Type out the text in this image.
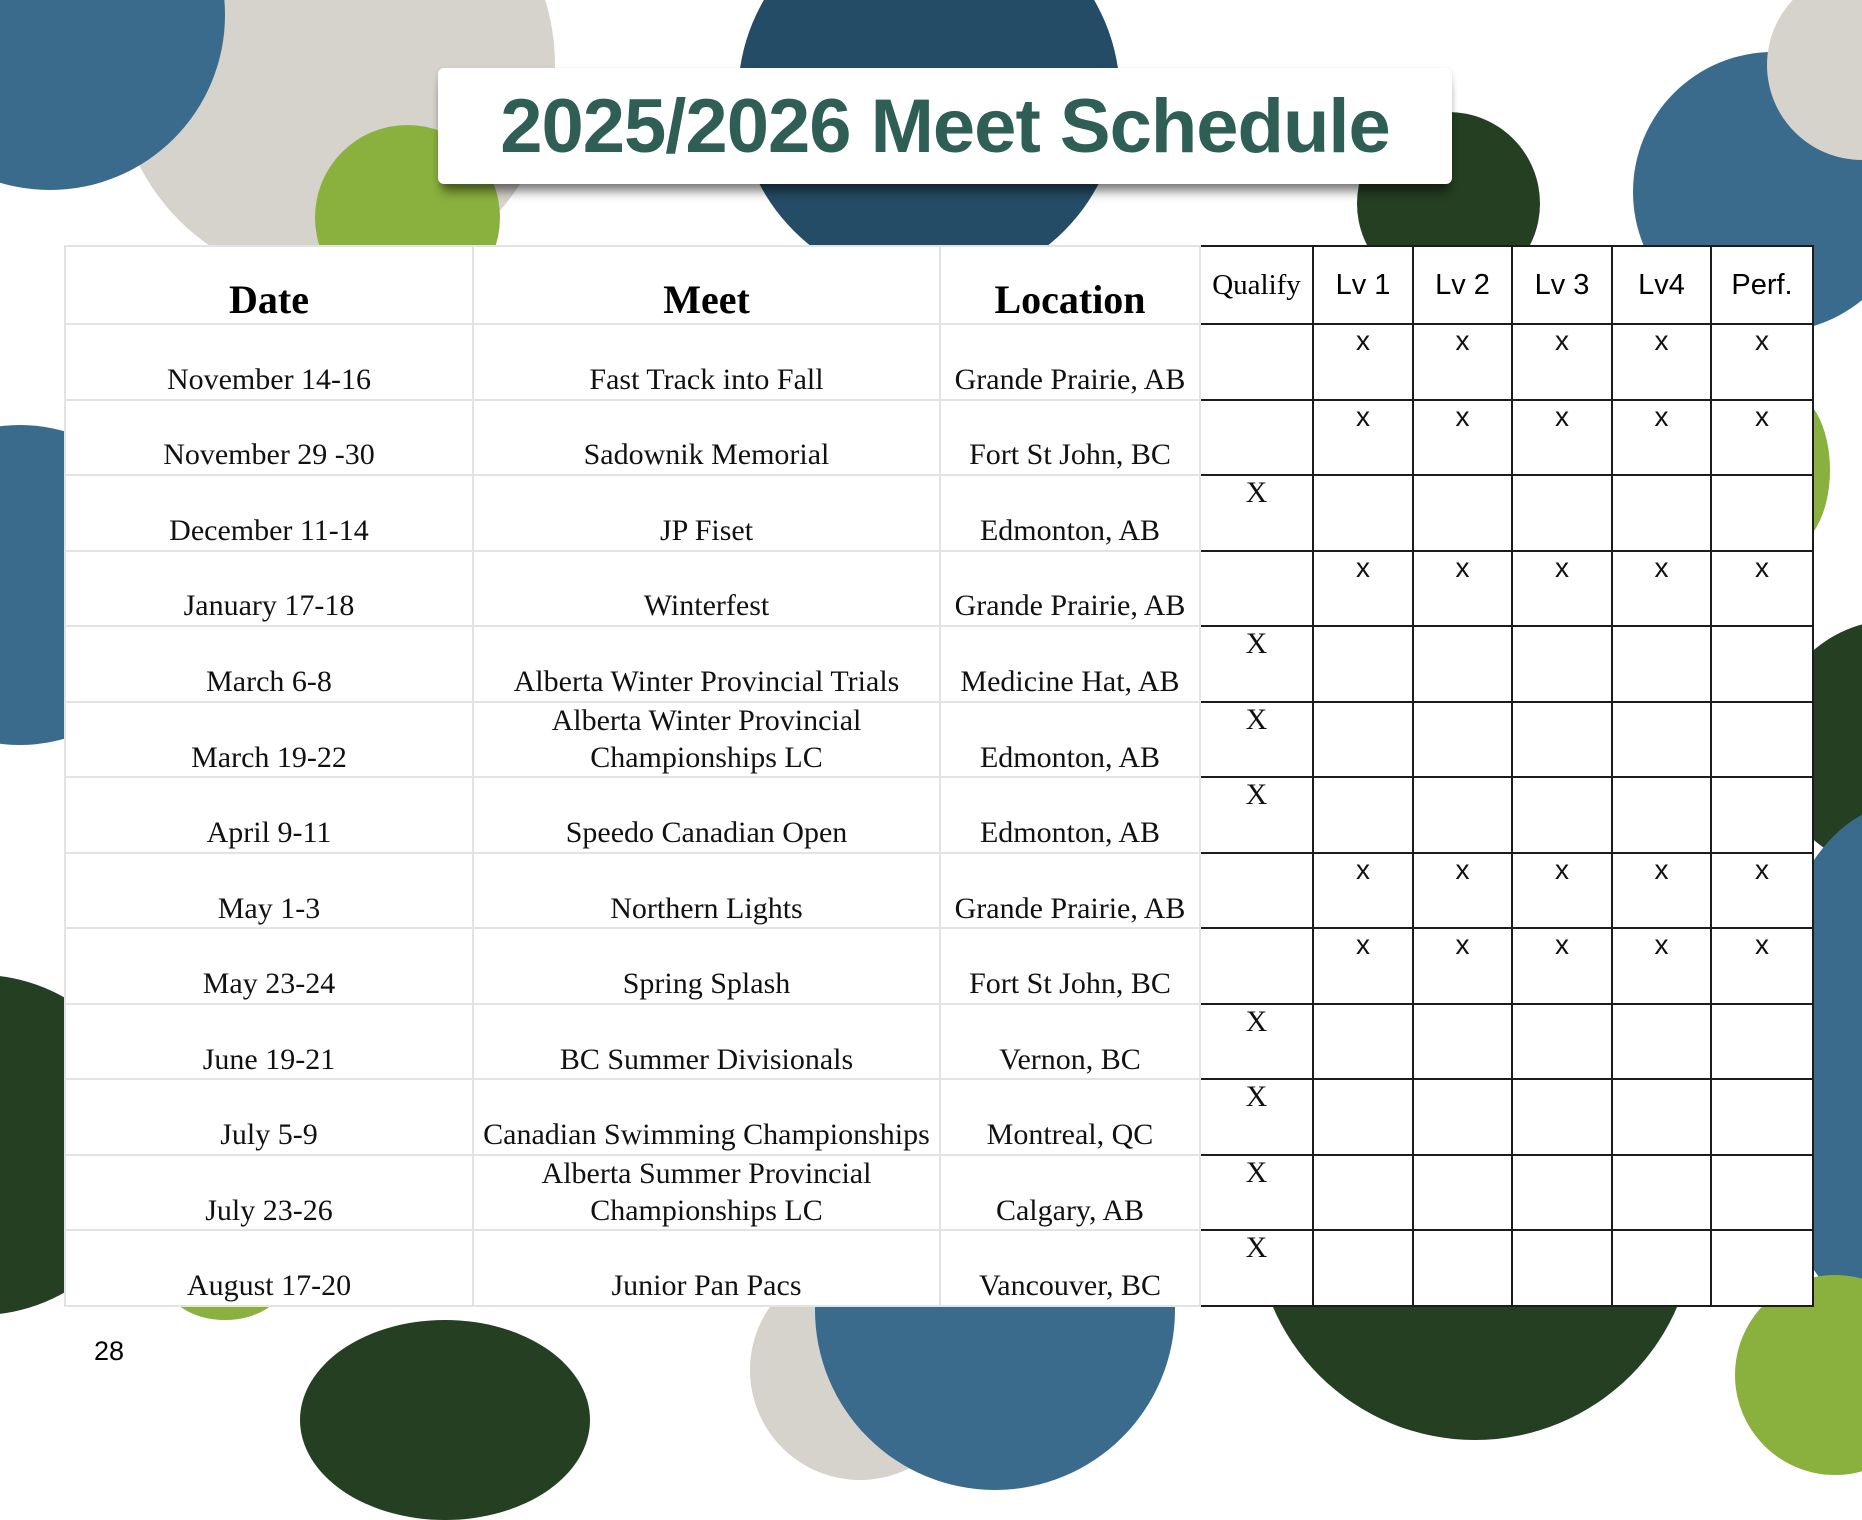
2025/2026 Meet Schedule
Date	Meet	Location	Qualify	Lv 1	Lv 2	Lv 3	Lv4	Perf.
November 14-16	Fast Track into Fall	Grande Prairie, AB		x	x	x	x	x
November 29 -30	Sadownik Memorial	Fort St John, BC		x	x	x	x	x
December 11-14	JP Fiset	Edmonton, AB	X					
January 17-18	Winterfest	Grande Prairie, AB		x	x	x	x	x
March 6-8	Alberta Winter Provincial Trials	Medicine Hat, AB	X					
March 19-22	Alberta Winter Provincial Championships LC	Edmonton, AB	X					
April 9-11	Speedo Canadian Open	Edmonton, AB	X					
May 1-3	Northern Lights	Grande Prairie, AB		x	x	x	x	x
May 23-24	Spring Splash	Fort St John, BC		x	x	x	x	x
June 19-21	BC Summer Divisionals	Vernon, BC	X					
July 5-9	Canadian Swimming Championships	Montreal, QC	X					
July 23-26	Alberta Summer Provincial Championships LC	Calgary, AB	X					
August 17-20	Junior Pan Pacs	Vancouver, BC	X					
28
